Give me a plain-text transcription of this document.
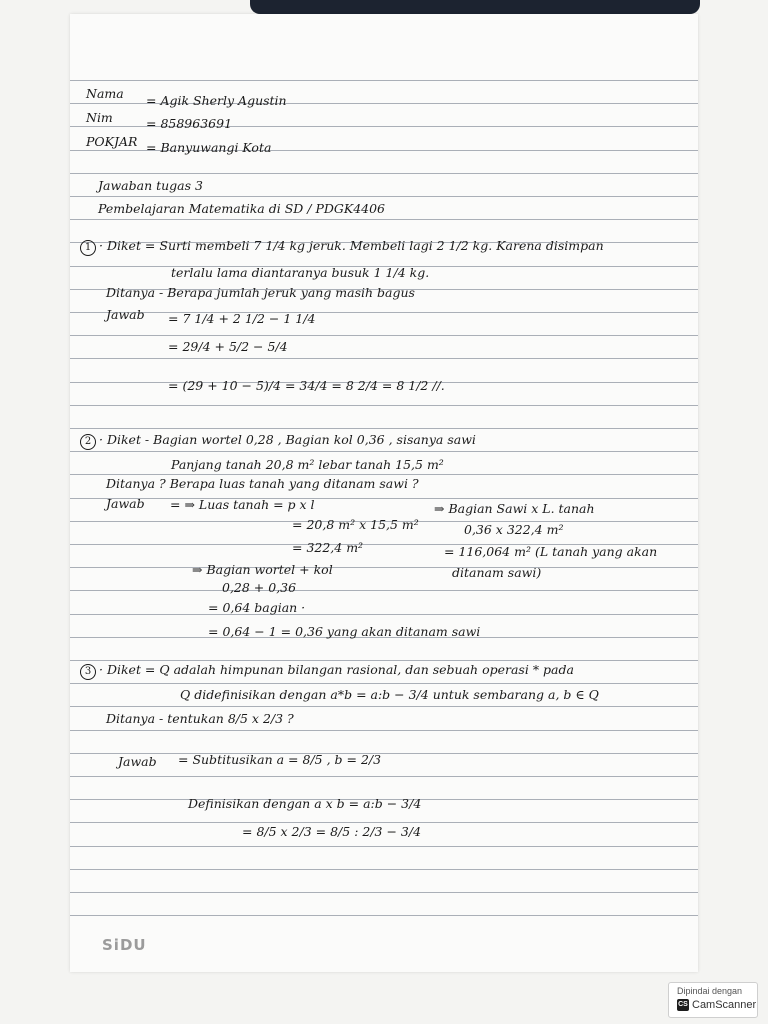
Nama = Agik Sherly Agustin
Nim	= 858963691
POKJAR = Banyuwangi Kota
Jawaban tugas 3
Pembelajaran Matematika di SD / PDGK4406
1 · Diket = Surti membeli 7 1/4 kg jeruk. Membeli lagi 2 1/2 kg. Karena disimpan
terlalu lama diantaranya busuk 1 1/4 kg.
Ditanya - Berapa jumlah jeruk yang masih bagus
Jawab = 7 1/4 + 2 1/2 − 1 1/4
= 29/4 + 5/2 − 5/4
= (29 + 10 − 5)/4 = 34/4 = 8 2/4 = 8 1/2 //.
2 · Diket - Bagian wortel 0,28 , Bagian kol 0,36 , sisanya sawi
Panjang tanah 20,8 m² lebar tanah 15,5 m²
Ditanya ? Berapa luas tanah yang ditanam sawi ?
Jawab = ⇒ Luas tanah = p x l	⇒ Bagian Sawi x L. tanah
= 20,8 m² x 15,5 m²	0,36 x 322,4 m²
= 322,4 m²	= 116,064 m² (L tanah yang akan
ditanam sawi)
⇒ Bagian wortel + kol
0,28 + 0,36
= 0,64 bagian ·
= 0,64 − 1 = 0,36 yang akan ditanam sawi
3 · Diket = Q adalah himpunan bilangan rasional, dan sebuah operasi * pada
Q didefinisikan dengan a*b = a:b − 3/4 untuk sembarang a, b ∈ Q
Ditanya - tentukan 8/5 x 2/3 ?
Jawab = Subtitusikan a = 8/5 , b = 2/3
Definisikan dengan a x b = a:b − 3/4
= 8/5 x 2/3 = 8/5 : 2/3 − 3/4
SiDU
Dipindai dengan
CS CamScanner
